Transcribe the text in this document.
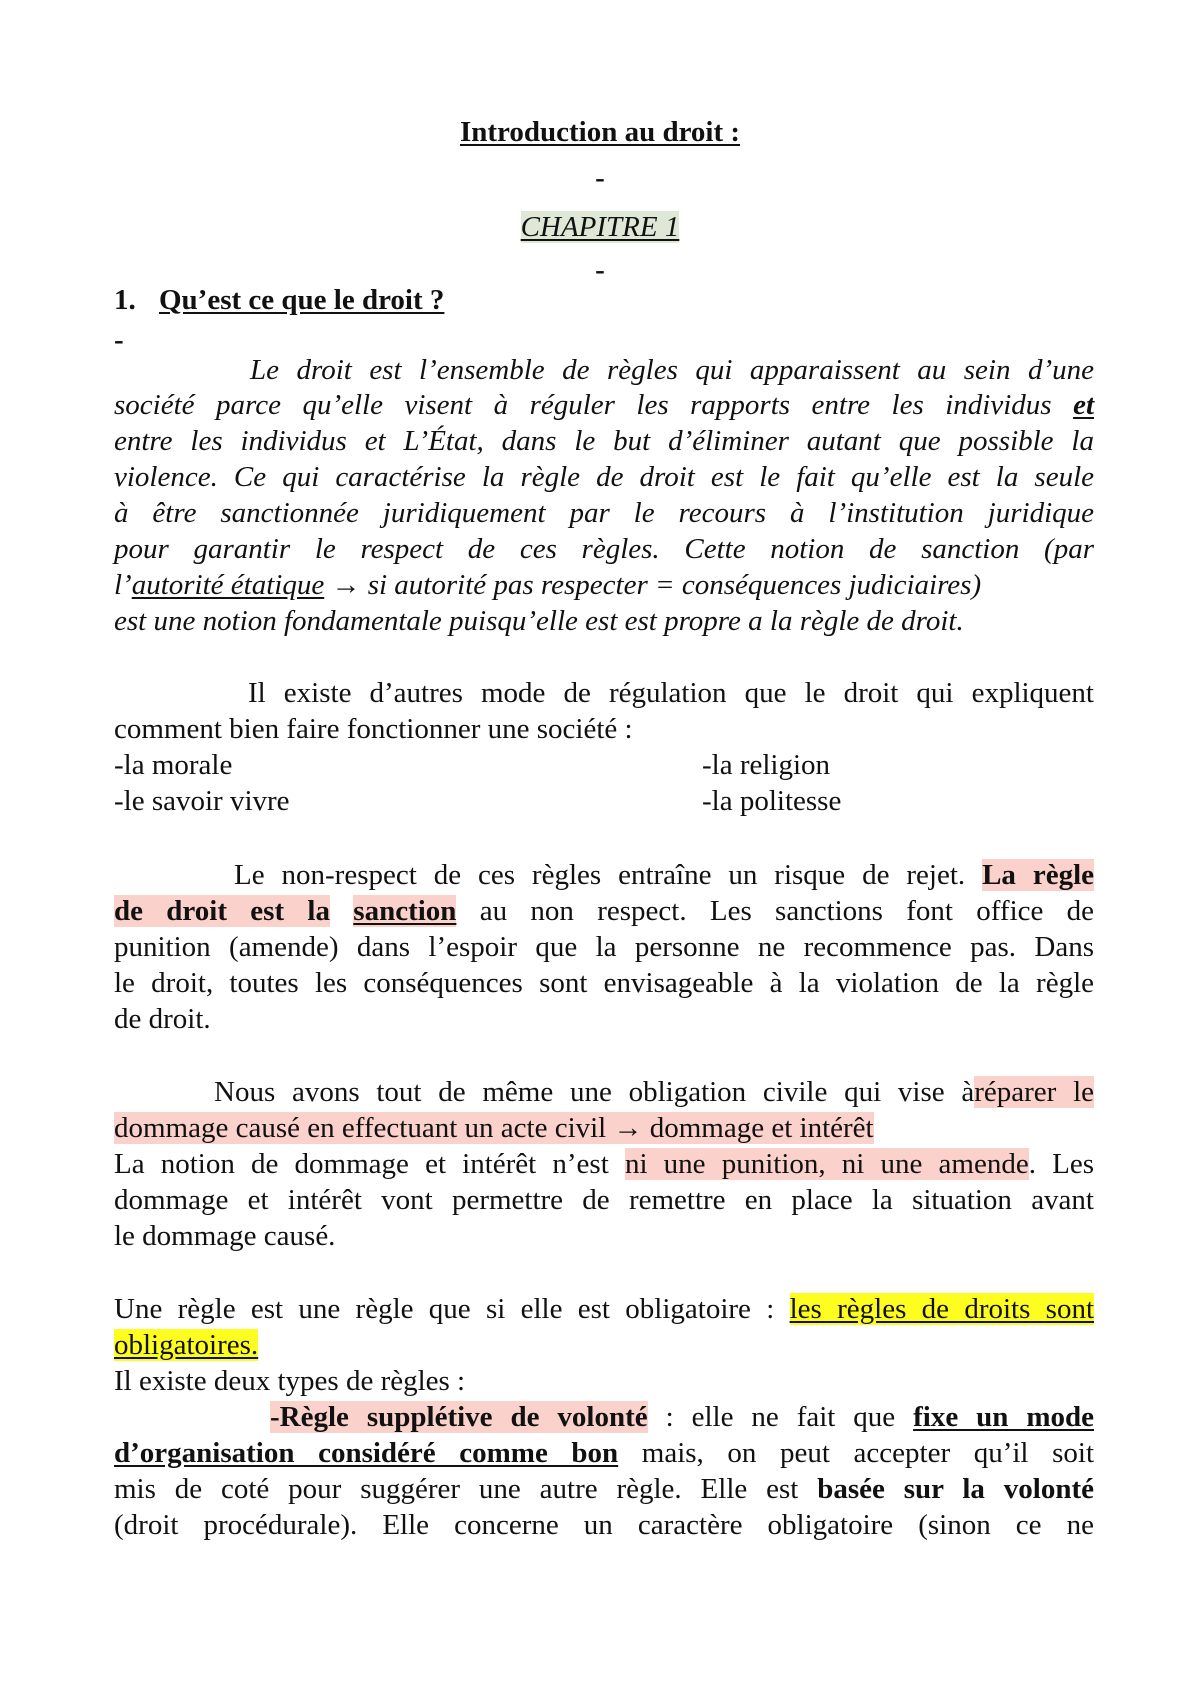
Introduction au droit :
-
CHAPITRE 1
-
1. Qu’est ce que le droit ?
-
Le droit est l’ensemble de règles qui apparaissent au sein d’une
société parce qu’elle visent à réguler les rapports entre les individus et
entre les individus et L’État, dans le but d’éliminer autant que possible la
violence. Ce qui caractérise la règle de droit est le fait qu’elle est la seule
à être sanctionnée juridiquement par le recours à l’institution juridique
pour garantir le respect de ces règles. Cette notion de sanction (par
l’autorité étatique → si autorité pas respecter = conséquences judiciaires)
est une notion fondamentale puisqu’elle est est propre a la règle de droit.
Il existe d’autres mode de régulation que le droit qui expliquent
comment bien faire fonctionner une société :
-la morale	-la religion
-le savoir vivre	-la politesse
Le non-respect de ces règles entraîne un risque de rejet. La règle
de droit est la sanction au non respect. Les sanctions font office de
punition (amende) dans l’espoir que la personne ne recommence pas. Dans
le droit, toutes les conséquences sont envisageable à la violation de la règle
de droit.
Nous avons tout de même une obligation civile qui vise àréparer le
dommage causé en effectuant un acte civil → dommage et intérêt
La notion de dommage et intérêt n’est ni une punition, ni une amende. Les
dommage et intérêt vont permettre de remettre en place la situation avant
le dommage causé.
Une règle est une règle que si elle est obligatoire : les règles de droits sont
obligatoires.
Il existe deux types de règles :
-Règle supplétive de volonté : elle ne fait que fixe un mode
d’organisation considéré comme bon mais, on peut accepter qu’il soit
mis de coté pour suggérer une autre règle. Elle est basée sur la volonté
(droit procédurale). Elle concerne un caractère obligatoire (sinon ce ne
